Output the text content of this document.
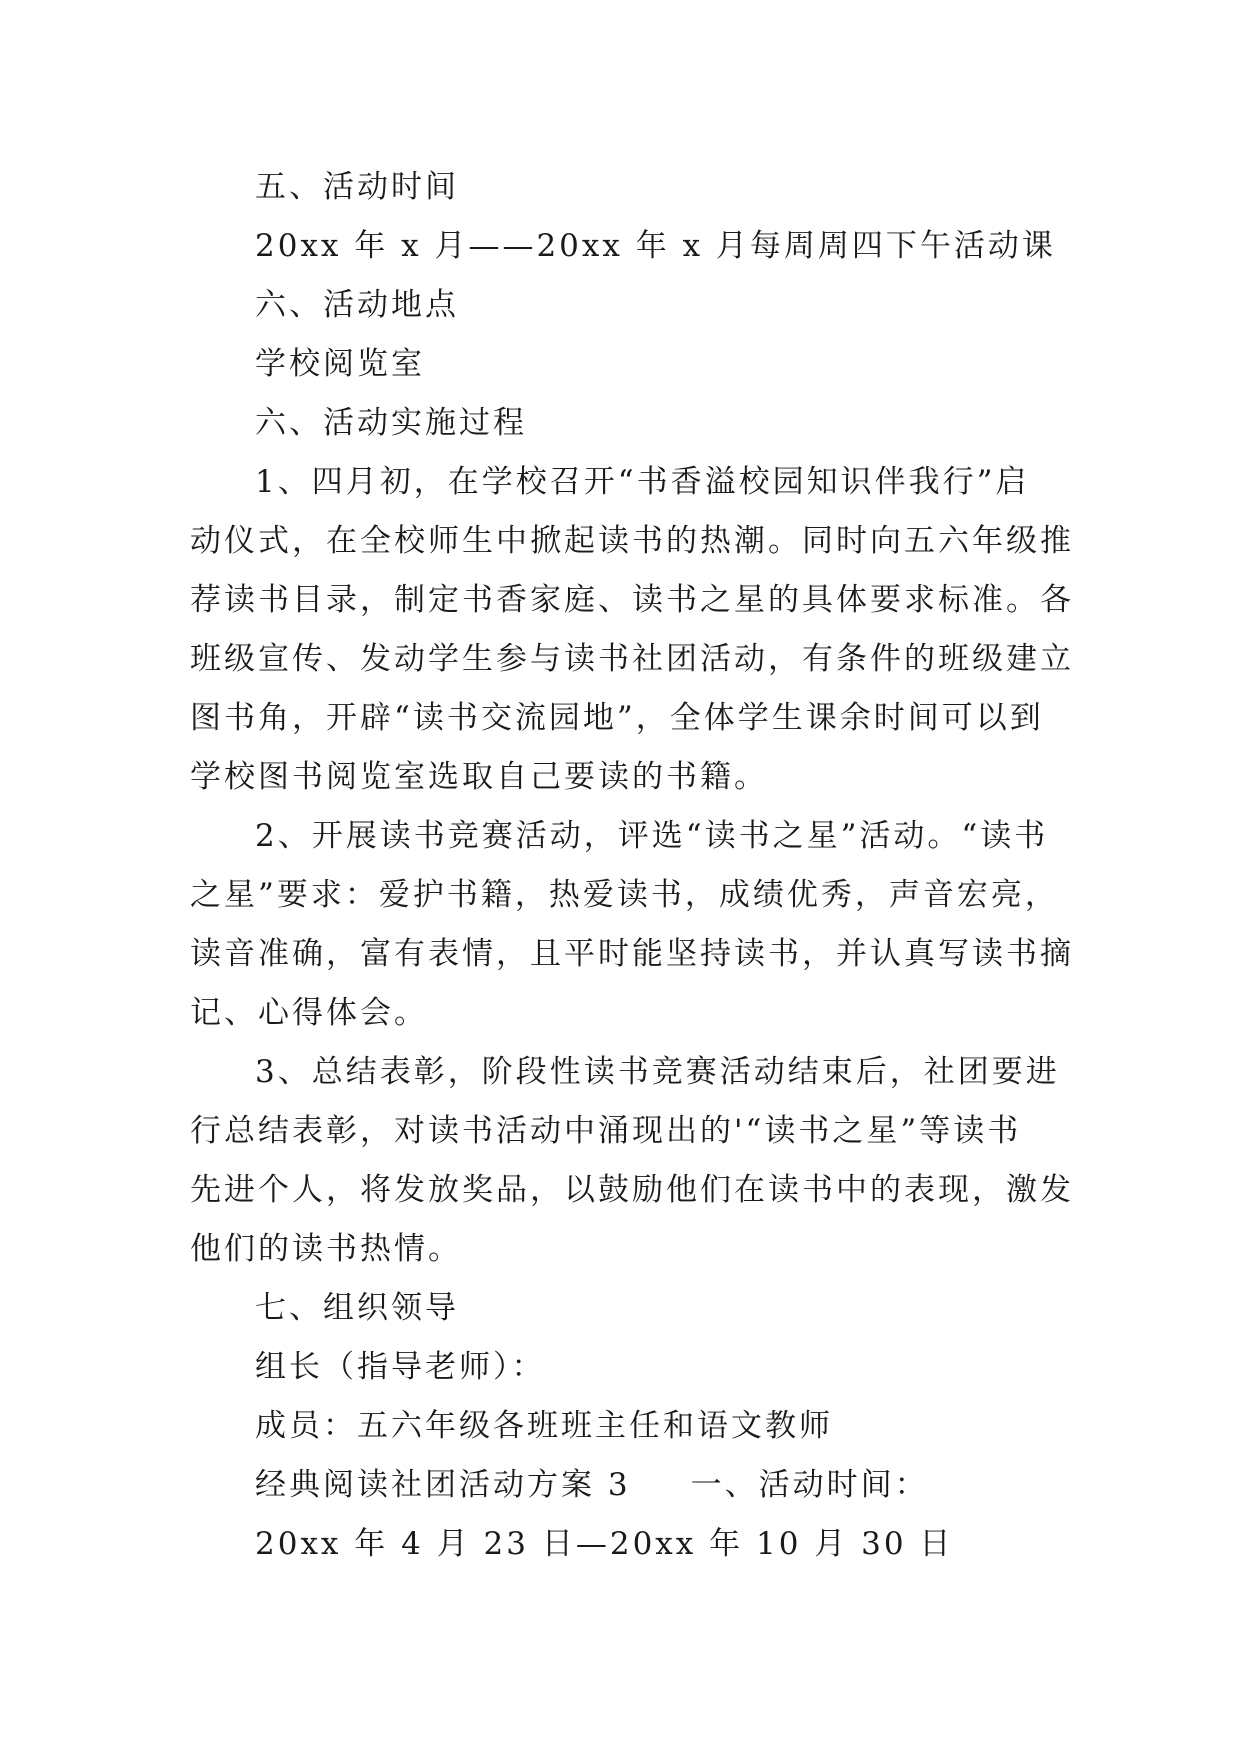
五、活动时间

20xx 年 x 月——20xx 年 x 月每周周四下午活动课

六、活动地点

学校阅览室

六、活动实施过程

1、四月初，在学校召开“书香溢校园知识伴我行”启
动仪式，在全校师生中掀起读书的热潮。同时向五六年级推
荐读书目录，制定书香家庭、读书之星的具体要求标准。各
班级宣传、发动学生参与读书社团活动，有条件的班级建立
图书角，开辟“读书交流园地”，全体学生课余时间可以到
学校图书阅览室选取自己要读的书籍。
2、开展读书竞赛活动，评选“读书之星”活动。“读书
之星”要求：爱护书籍，热爱读书，成绩优秀，声音宏亮，
读音准确，富有表情，且平时能坚持读书，并认真写读书摘
记、心得体会。
3、总结表彰，阶段性读书竞赛活动结束后，社团要进
行总结表彰，对读书活动中涌现出的'“读书之星”等读书
先进个人，将发放奖品，以鼓励他们在读书中的表现，激发
他们的读书热情。

七、组织领导

组长（指导老师）：

成员：五六年级各班班主任和语文教师

经典阅读社团活动方案 3 一、活动时间：

20xx 年 4 月 23 日—20xx 年 10 月 30 日
